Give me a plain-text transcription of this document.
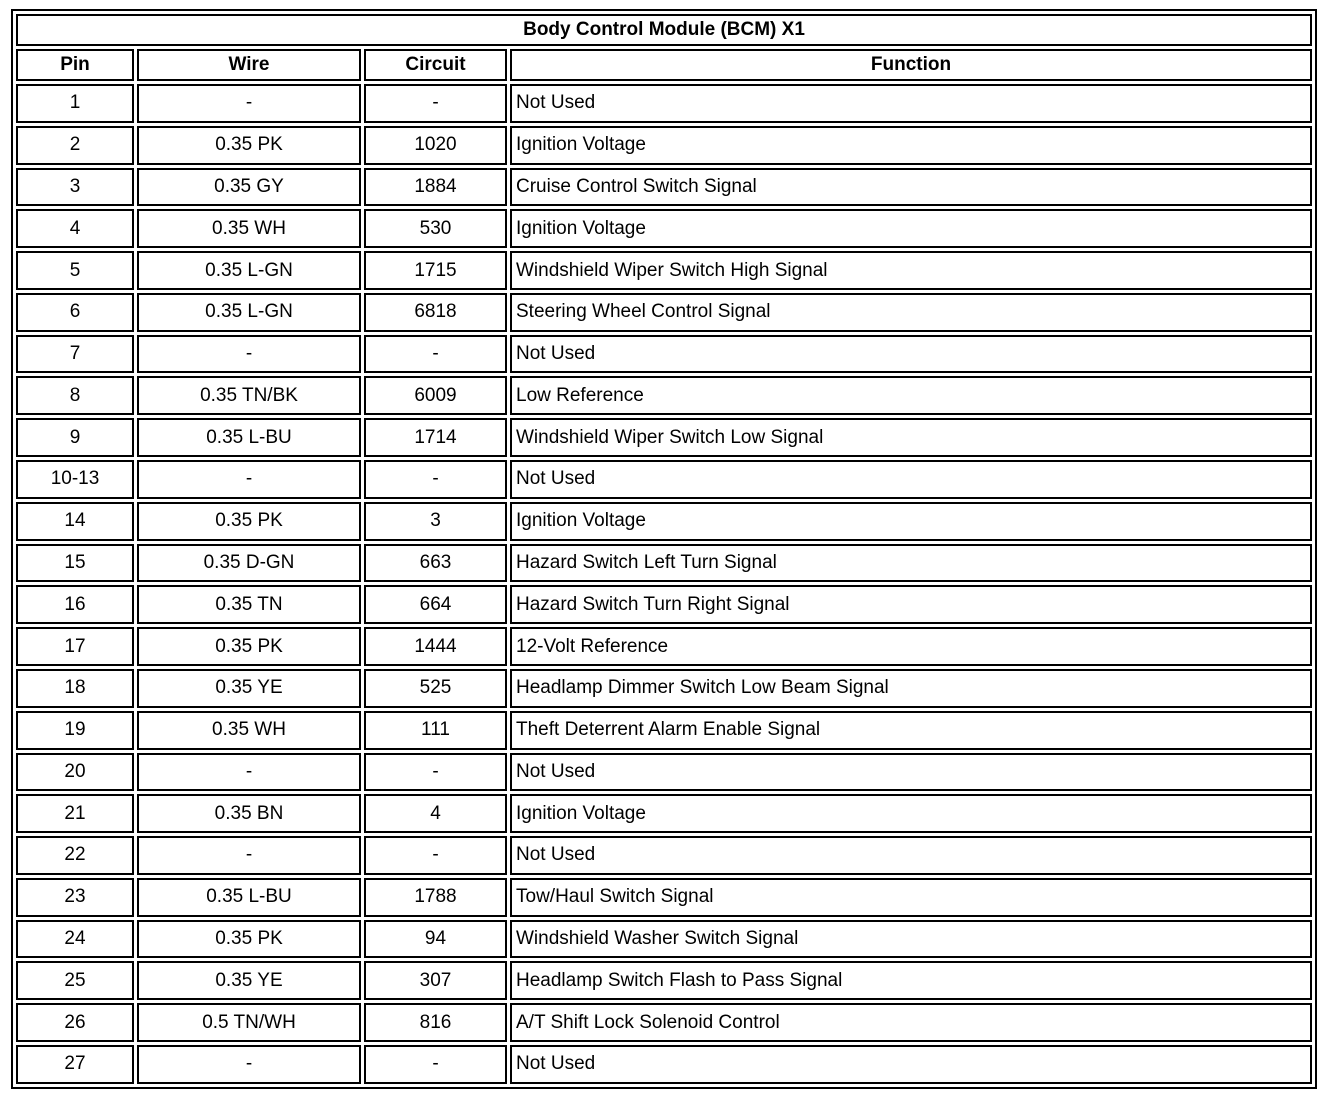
Body Control Module (BCM) X1			
Pin	Wire	Circuit	Function
1	-	-	Not Used
2	0.35 PK	1020	Ignition Voltage
3	0.35 GY	1884	Cruise Control Switch Signal
4	0.35 WH	530	Ignition Voltage
5	0.35 L-GN	1715	Windshield Wiper Switch High Signal
6	0.35 L-GN	6818	Steering Wheel Control Signal
7	-	-	Not Used
8	0.35 TN/BK	6009	Low Reference
9	0.35 L-BU	1714	Windshield Wiper Switch Low Signal
10-13	-	-	Not Used
14	0.35 PK	3	Ignition Voltage
15	0.35 D-GN	663	Hazard Switch Left Turn Signal
16	0.35 TN	664	Hazard Switch Turn Right Signal
17	0.35 PK	1444	12-Volt Reference
18	0.35 YE	525	Headlamp Dimmer Switch Low Beam Signal
19	0.35 WH	111	Theft Deterrent Alarm Enable Signal
20	-	-	Not Used
21	0.35 BN	4	Ignition Voltage
22	-	-	Not Used
23	0.35 L-BU	1788	Tow/Haul Switch Signal
24	0.35 PK	94	Windshield Washer Switch Signal
25	0.35 YE	307	Headlamp Switch Flash to Pass Signal
26	0.5 TN/WH	816	A/T Shift Lock Solenoid Control
27	-	-	Not Used
